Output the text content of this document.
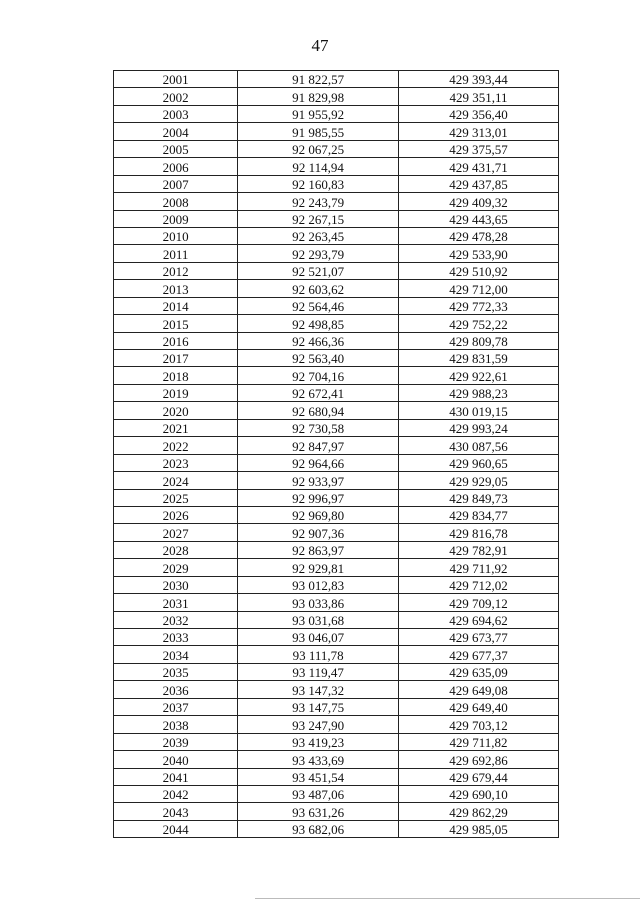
47
2001	91 822,57	429 393,44
2002	91 829,98	429 351,11
2003	91 955,92	429 356,40
2004	91 985,55	429 313,01
2005	92 067,25	429 375,57
2006	92 114,94	429 431,71
2007	92 160,83	429 437,85
2008	92 243,79	429 409,32
2009	92 267,15	429 443,65
2010	92 263,45	429 478,28
2011	92 293,79	429 533,90
2012	92 521,07	429 510,92
2013	92 603,62	429 712,00
2014	92 564,46	429 772,33
2015	92 498,85	429 752,22
2016	92 466,36	429 809,78
2017	92 563,40	429 831,59
2018	92 704,16	429 922,61
2019	92 672,41	429 988,23
2020	92 680,94	430 019,15
2021	92 730,58	429 993,24
2022	92 847,97	430 087,56
2023	92 964,66	429 960,65
2024	92 933,97	429 929,05
2025	92 996,97	429 849,73
2026	92 969,80	429 834,77
2027	92 907,36	429 816,78
2028	92 863,97	429 782,91
2029	92 929,81	429 711,92
2030	93 012,83	429 712,02
2031	93 033,86	429 709,12
2032	93 031,68	429 694,62
2033	93 046,07	429 673,77
2034	93 111,78	429 677,37
2035	93 119,47	429 635,09
2036	93 147,32	429 649,08
2037	93 147,75	429 649,40
2038	93 247,90	429 703,12
2039	93 419,23	429 711,82
2040	93 433,69	429 692,86
2041	93 451,54	429 679,44
2042	93 487,06	429 690,10
2043	93 631,26	429 862,29
2044	93 682,06	429 985,05
